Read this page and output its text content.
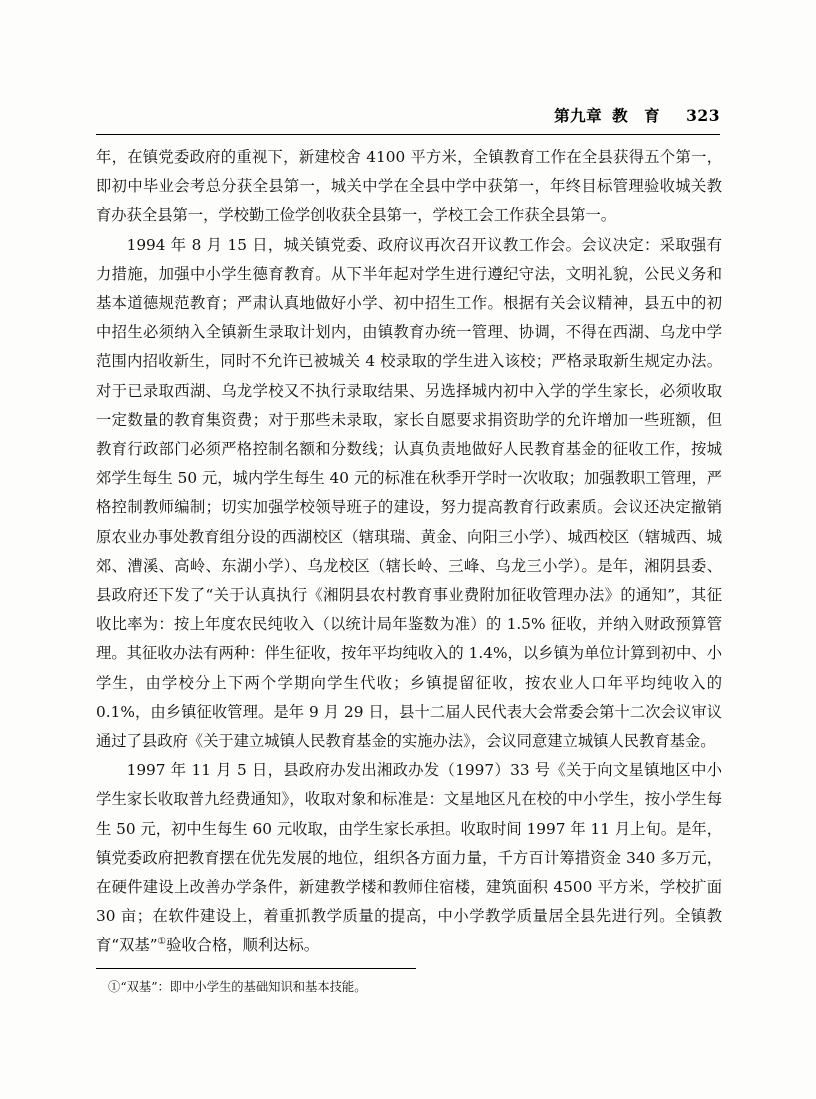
第九章 教　育 323

年，在镇党委政府的重视下，新建校舍 4100 平方米，全镇教育工作在全县获得五个第一，即初中毕业会考总分获全县第一，城关中学在全县中学中获第一，年终目标管理验收城关教育办获全县第一，学校勤工俭学创收获全县第一，学校工会工作获全县第一。

1994 年 8 月 15 日，城关镇党委、政府议再次召开议教工作会。会议决定：采取强有力措施，加强中小学生德育教育。从下半年起对学生进行遵纪守法，文明礼貌，公民义务和基本道德规范教育；严肃认真地做好小学、初中招生工作。根据有关会议精神，县五中的初中招生必须纳入全镇新生录取计划内，由镇教育办统一管理、协调，不得在西湖、乌龙中学范围内招收新生，同时不允许已被城关 4 校录取的学生进入该校；严格录取新生规定办法。对于已录取西湖、乌龙学校又不执行录取结果、另选择城内初中入学的学生家长，必须收取一定数量的教育集资费；对于那些未录取，家长自愿要求捐资助学的允许增加一些班额，但教育行政部门必须严格控制名额和分数线；认真负责地做好人民教育基金的征收工作，按城郊学生每生 50 元，城内学生每生 40 元的标准在秋季开学时一次收取；加强教职工管理，严格控制教师编制；切实加强学校领导班子的建设，努力提高教育行政素质。会议还决定撤销原农业办事处教育组分设的西湖校区（辖琪瑞、黄金、向阳三小学）、城西校区（辖城西、城郊、漕溪、高岭、东湖小学）、乌龙校区（辖长岭、三峰、乌龙三小学）。是年，湘阴县委、县政府还下发了“关于认真执行《湘阴县农村教育事业费附加征收管理办法》的通知”，其征收比率为：按上年度农民纯收入（以统计局年鉴数为准）的 1.5% 征收，并纳入财政预算管理。其征收办法有两种：伴生征收，按年平均纯收入的 1.4%，以乡镇为单位计算到初中、小学生，由学校分上下两个学期向学生代收；乡镇提留征收，按农业人口年平均纯收入的 0.1%，由乡镇征收管理。是年 9 月 29 日，县十二届人民代表大会常委会第十二次会议审议通过了县政府《关于建立城镇人民教育基金的实施办法》，会议同意建立城镇人民教育基金。

1997 年 11 月 5 日，县政府办发出湘政办发（1997）33 号《关于向文星镇地区中小学生家长收取普九经费通知》，收取对象和标准是：文星地区凡在校的中小学生，按小学生每生 50 元，初中生每生 60 元收取，由学生家长承担。收取时间 1997 年 11 月上旬。是年，镇党委政府把教育摆在优先发展的地位，组织各方面力量，千方百计筹措资金 340 多万元，在硬件建设上改善办学条件，新建教学楼和教师住宿楼，建筑面积 4500 平方米，学校扩面 30 亩；在软件建设上，着重抓教学质量的提高，中小学教学质量居全县先进行列。全镇教育“双基”①验收合格，顺利达标。

①“双基”：即中小学生的基础知识和基本技能。
